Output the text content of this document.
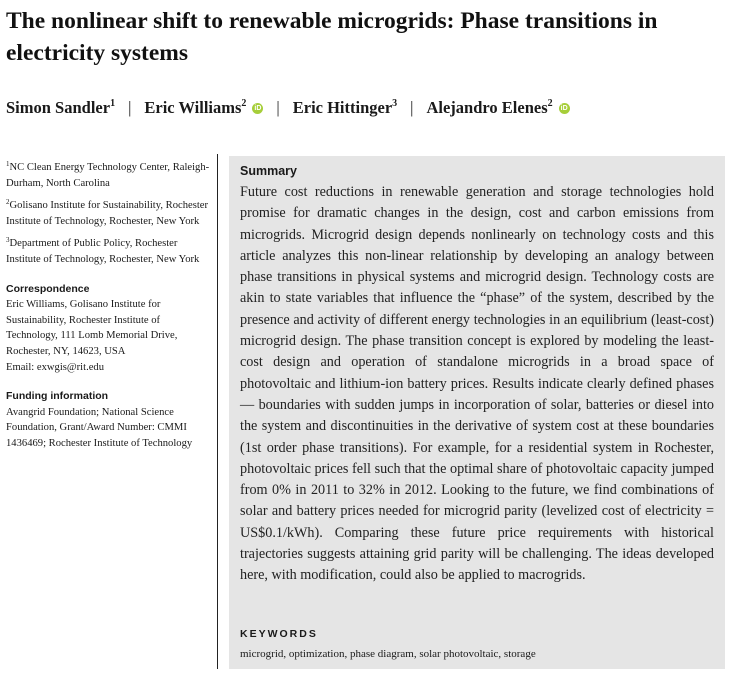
The nonlinear shift to renewable microgrids: Phase transitions in electricity systems
Simon Sandler$^1$ | Eric Williams$^2$ iD | Eric Hittinger$^3$ | Alejandro Elenes$^2$ iD
$^1$NC Clean Energy Technology Center, Raleigh-Durham, North Carolina
$^2$Golisano Institute for Sustainability, Rochester Institute of Technology, Rochester, New York
$^3$Department of Public Policy, Rochester Institute of Technology, Rochester, New York
Correspondence
Eric Williams, Golisano Institute for Sustainability, Rochester Institute of Technology, 111 Lomb Memorial Drive, Rochester, NY, 14623, USA
Email: exwgis@rit.edu
Funding information
Avangrid Foundation; National Science Foundation, Grant/Award Number: CMMI 1436469; Rochester Institute of Technology
Summary
Future cost reductions in renewable generation and storage technologies hold promise for dramatic changes in the design, cost and carbon emissions from microgrids. Microgrid design depends nonlinearly on technology costs and this article analyzes this non-linear relationship by developing an analogy between phase transitions in physical systems and microgrid design. Technology costs are akin to state variables that influence the “phase” of the system, described by the presence and activity of different energy technologies in an equilibrium (least-cost) microgrid design. The phase transition concept is explored by modeling the least-cost design and operation of standalone microgrids in a broad space of photovoltaic and lithium-ion battery prices. Results indicate clearly defined phases— boundaries with sudden jumps in incorporation of solar, batteries or diesel into the system and discontinuities in the derivative of system cost at these boundaries (1st order phase transitions). For example, for a residential system in Rochester, photovoltaic prices fell such that the optimal share of photovoltaic capacity jumped from 0% in 2011 to 32% in 2012. Looking to the future, we find combinations of solar and battery prices needed for microgrid parity (levelized cost of electricity = US$0.1/kWh). Comparing these future price requirements with historical trajectories suggests attaining grid parity will be challenging. The ideas developed here, with modification, could also be applied to macrogrids.
KEYWORDS
microgrid, optimization, phase diagram, solar photovoltaic, storage
